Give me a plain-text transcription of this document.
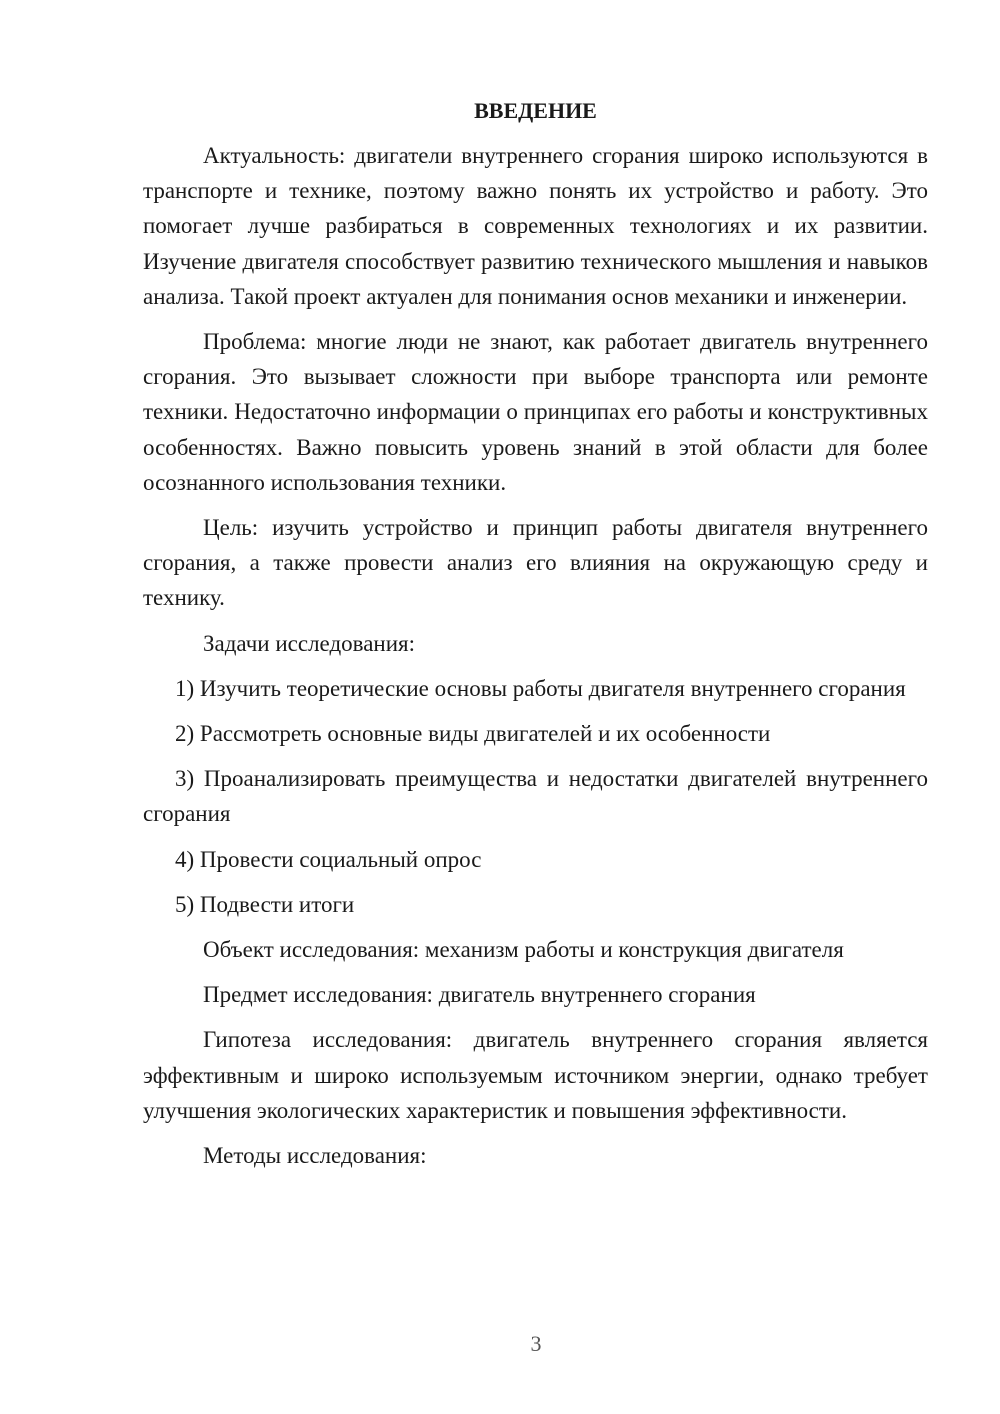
ВВЕДЕНИЕ

Актуальность: двигатели внутреннего сгорания широко используются в транспорте и технике, поэтому важно понять их устройство и работу. Это помогает лучше разбираться в современных технологиях и их развитии. Изучение двигателя способствует развитию технического мышления и навыков анализа. Такой проект актуален для понимания основ механики и инженерии.

Проблема: многие люди не знают, как работает двигатель внутреннего сгорания. Это вызывает сложности при выборе транспорта или ремонте техники. Недостаточно информации о принципах его работы и конструктивных особенностях. Важно повысить уровень знаний в этой области для более осознанного использования техники.

Цель: изучить устройство и принцип работы двигателя внутреннего сгорания, а также провести анализ его влияния на окружающую среду и технику.

Задачи исследования:

1) Изучить теоретические основы работы двигателя внутреннего сгорания

2) Рассмотреть основные виды двигателей и их особенности

3) Проанализировать преимущества и недостатки двигателей внутреннего сгорания

4) Провести социальный опрос

5) Подвести итоги

Объект исследования: механизм работы и конструкция двигателя

Предмет исследования: двигатель внутреннего сгорания

Гипотеза исследования: двигатель внутреннего сгорания является эффективным и широко используемым источником энергии, однако требует улучшения экологических характеристик и повышения эффективности.

Методы исследования:

3
